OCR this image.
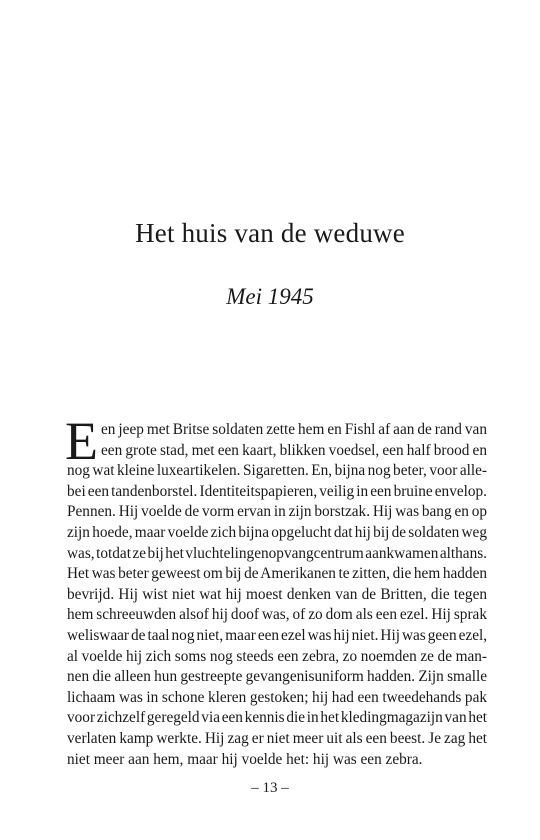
Het huis van de weduwe
Mei 1945
E en jeep met Britse soldaten zette hem en Fishl af aan de rand van
een grote stad, met een kaart, blikken voedsel, een half brood en
nog wat kleine luxeartikelen. Sigaretten. En, bijna nog beter, voor alle-
bei een tandenborstel. Identiteitspapieren, veilig in een bruine envelop.
Pennen. Hij voelde de vorm ervan in zijn borstzak. Hij was bang en op
zijn hoede, maar voelde zich bijna opgelucht dat hij bij de soldaten weg
was, totdat ze bij het vluchtelingenopvangcentrum aankwamen althans.
Het was beter geweest om bij de Amerikanen te zitten, die hem hadden
bevrijd. Hij wist niet wat hij moest denken van de Britten, die tegen
hem schreeuwden alsof hij doof was, of zo dom als een ezel. Hij sprak
weliswaar de taal nog niet, maar een ezel was hij niet. Hij was geen ezel,
al voelde hij zich soms nog steeds een zebra, zo noemden ze de man-
nen die alleen hun gestreepte gevangenisuniform hadden. Zijn smalle
lichaam was in schone kleren gestoken; hij had een tweedehands pak
voor zichzelf geregeld via een kennis die in het kledingmagazijn van het
verlaten kamp werkte. Hij zag er niet meer uit als een beest. Je zag het
niet meer aan hem, maar hij voelde het: hij was een zebra.
– 13 –
